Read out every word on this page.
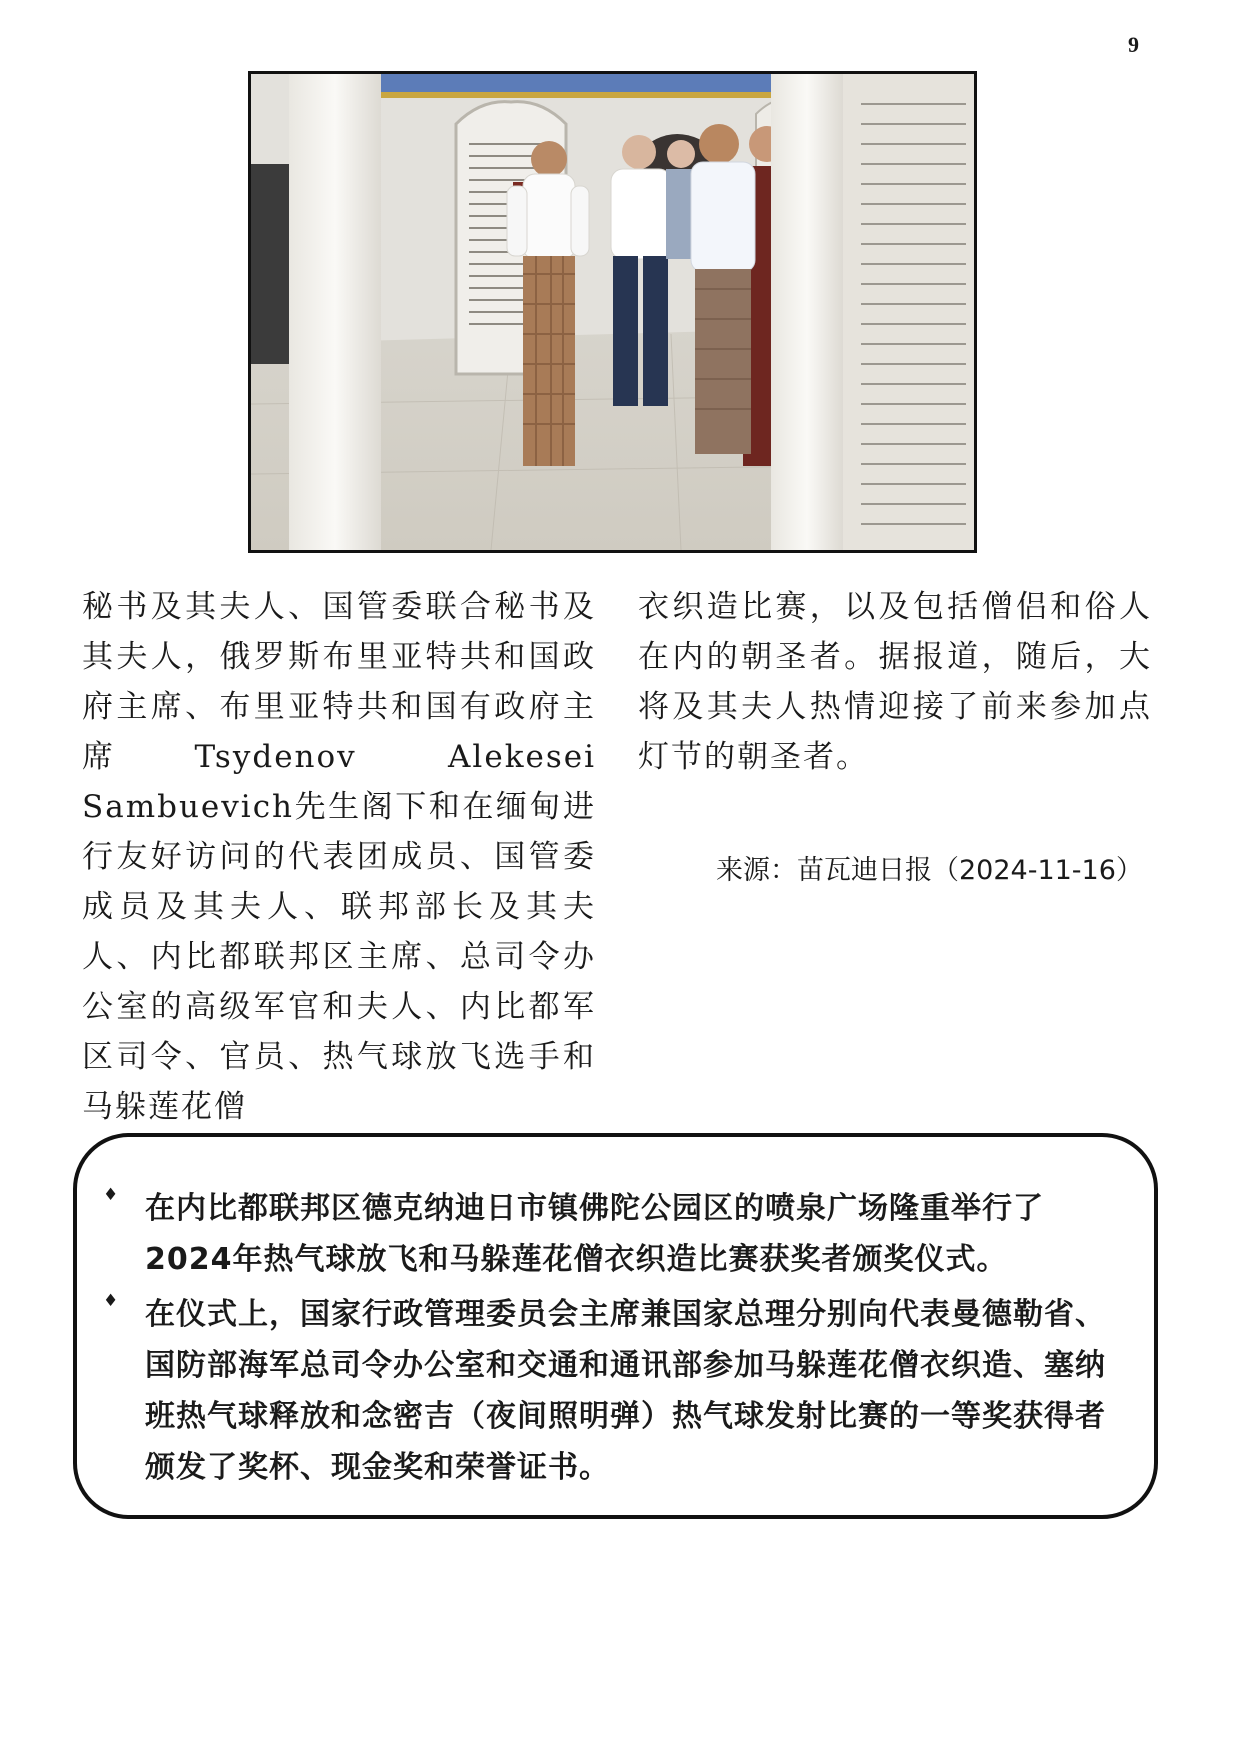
9

秘书及其夫人、国管委联合秘书及其夫人，俄罗斯布里亚特共和国政府主席、布里亚特共和国有政府主席Tsydenov Alekesei Sambuevich先生阁下和在缅甸进行友好访问的代表团成员、国管委成员及其夫人、联邦部长及其夫人、内比都联邦区主席、总司令办公室的高级军官和夫人、内比都军区司令、官员、热气球放飞选手和马躲莲花僧

衣织造比赛，以及包括僧侣和俗人在内的朝圣者。据报道，随后，大将及其夫人热情迎接了前来参加点灯节的朝圣者。

来源：苗瓦迪日报（2024-11-16）
♦ 在内比都联邦区德克纳迪日市镇佛陀公园区的喷泉广场隆重举行了2024年热气球放飞和马躲莲花僧衣织造比赛获奖者颁奖仪式。
♦ 在仪式上，国家行政管理委员会主席兼国家总理分别向代表曼德勒省、国防部海军总司令办公室和交通和通讯部参加马躲莲花僧衣织造、塞纳班热气球释放和念密吉（夜间照明弹）热气球发射比赛的一等奖获得者颁发了奖杯、现金奖和荣誉证书。
